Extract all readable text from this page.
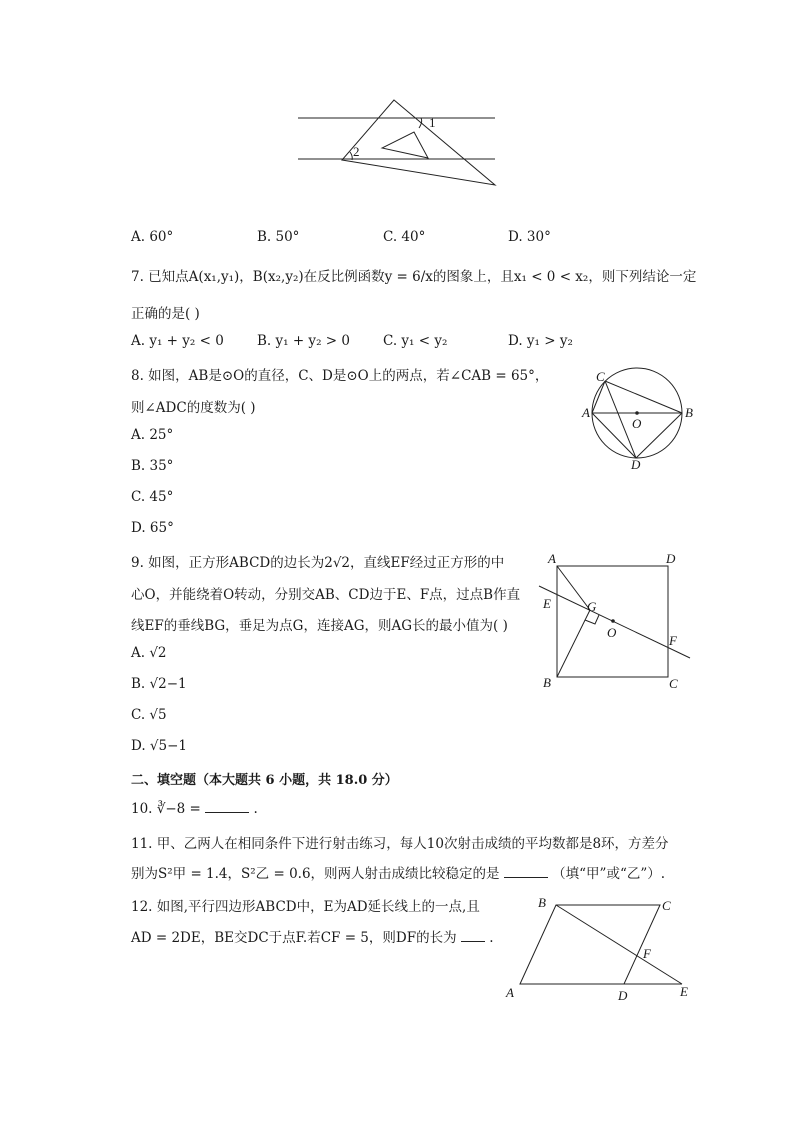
1
2
A. 60°	B. 50°	C. 40°	D. 30°
7. 已知点A(x₁,y₁)，B(x₂,y₂)在反比例函数y = 6/x的图象上，且x₁ < 0 < x₂，则下列结论一定
正确的是( )
A. y₁ + y₂ < 0 B. y₁ + y₂ > 0 C. y₁ < y₂	D. y₁ > y₂
8. 如图，AB是⊙O的直径，C、D是⊙O上的两点，若∠CAB = 65°，
则∠ADC的度数为( )
A. 25°
B. 35°
C. 45°
D. 65°
A	B
C
D
O
9. 如图，正方形ABCD的边长为2√2，直线EF经过正方形的中
心O，并能绕着O转动，分别交AB、CD边于E、F点，过点B作直
线EF的垂线BG，垂足为点G，连接AG，则AG长的最小值为( )
A. √2
B. √2−1
C. √5
D. √5−1
A	D
B	C
E
F
G
O
二、填空题（本大题共 6 小题，共 18.0 分）
10. ∛−8 =	.
11. 甲、乙两人在相同条件下进行射击练习，每人10次射击成绩的平均数都是8环，方差分
别为S²甲 = 1.4，S²乙 = 0.6，则两人射击成绩比较稳定的是	（填“甲”或“乙”）.
12. 如图,平行四边形ABCD中，E为AD延长线上的一点,且
AD = 2DE，BE交DC于点F.若CF = 5，则DF的长为 .
A
B	C
D	E
F
